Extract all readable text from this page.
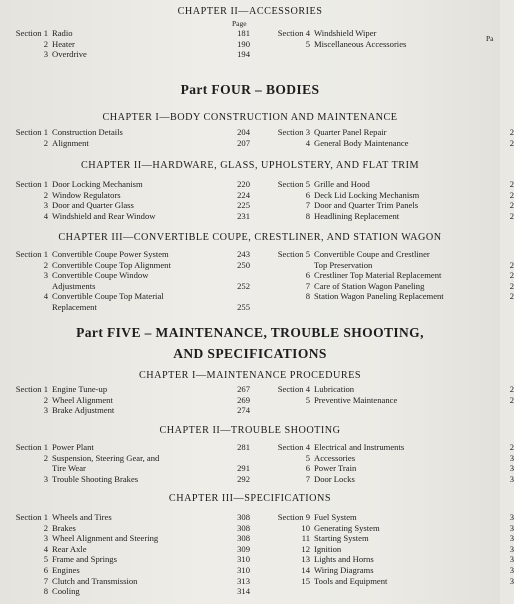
Page
CHAPTER II—ACCESSORIES
Section 1 Radio	181
2 Heater	190
3 Overdrive	194
Section 4 Windshield Wiper
5 Miscellaneous Accessories
Part FOUR – BODIES
CHAPTER I—BODY CONSTRUCTION AND MAINTENANCE
Section 1 Construction Details	204
2 Alignment	207
Section 3 Quarter Panel Repair	2
4 General Body Maintenance	2
CHAPTER II—HARDWARE, GLASS, UPHOLSTERY, AND FLAT TRIM
Section 1 Door Locking Mechanism	220
2 Window Regulators	224
3 Door and Quarter Glass	225
4 Windshield and Rear Window	231
Section 5 Grille and Hood	2
6 Deck Lid Locking Mechanism	2
7 Door and Quarter Trim Panels	2
8 Headlining Replacement	2
CHAPTER III—CONVERTIBLE COUPE, CRESTLINER, AND STATION WAGON
Section 1 Convertible Coupe Power System	243
2 Convertible Coupe Top Alignment	250
3 Convertible Coupe Window
Adjustments	252
4 Convertible Coupe Top Material
Replacement	255
Section 5 Convertible Coupe and Crestliner
Top Preservation	2
6 Crestliner Top Material Replacement	2
7 Care of Station Wagon Paneling	2
8 Station Wagon Paneling Replacement	2
Part FIVE – MAINTENANCE, TROUBLE SHOOTING,
AND SPECIFICATIONS
CHAPTER I—MAINTENANCE PROCEDURES
Section 1 Engine Tune-up	267
2 Wheel Alignment	269
3 Brake Adjustment	274
Section 4 Lubrication	2
5 Preventive Maintenance	2
CHAPTER II—TROUBLE SHOOTING
Section 1 Power Plant	281
2 Suspension, Steering Gear, and
Tire Wear	291
3 Trouble Shooting Brakes	292
Section 4 Electrical and Instruments	2
5 Accessories	3
6 Power Train	3
7 Door Locks	3
CHAPTER III—SPECIFICATIONS
Section 1 Wheels and Tires	308
2 Brakes	308
3 Wheel Alignment and Steering	308
4 Rear Axle	309
5 Frame and Springs	310
6 Engines	310
7 Clutch and Transmission	313
8 Cooling	314
Section 9 Fuel System	3
10 Generating System	3
11 Starting System	3
12 Ignition	3
13 Lights and Horns	3
14 Wiring Diagrams	3
15 Tools and Equipment	3
Pa
